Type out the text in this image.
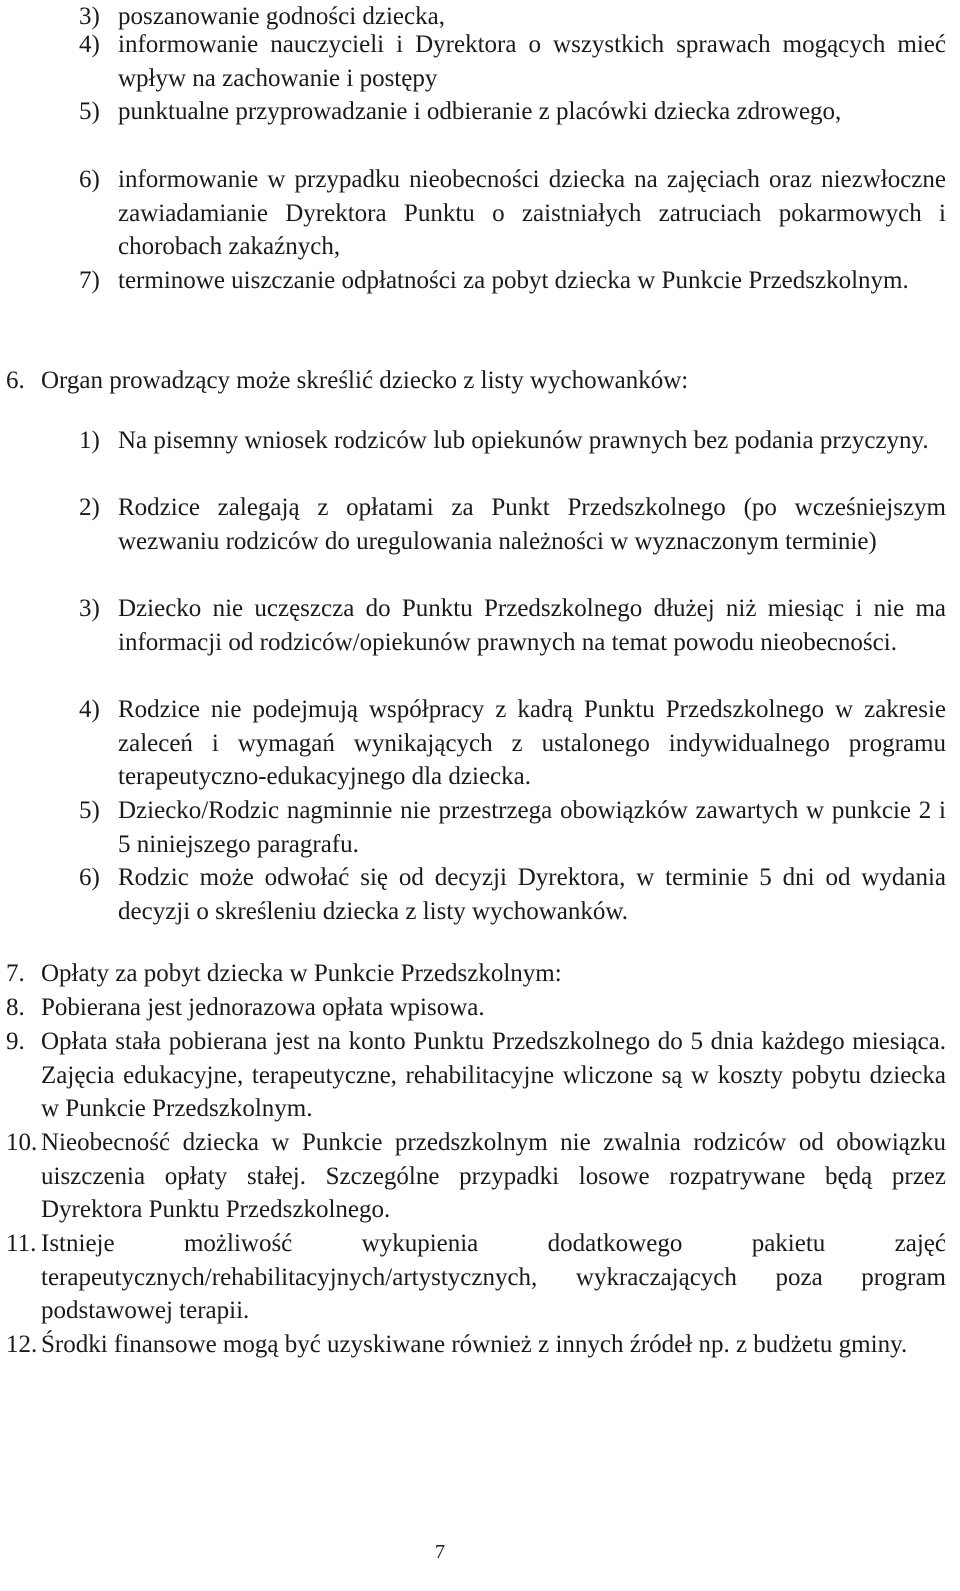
3) poszanowanie godności dziecka,
4) informowanie nauczycieli i Dyrektora o wszystkich sprawach mogących mieć wpływ na zachowanie i postępy
5) punktualne przyprowadzanie i odbieranie z placówki dziecka zdrowego,
6) informowanie w przypadku nieobecności dziecka na zajęciach oraz niezwłoczne zawiadamianie Dyrektora Punktu o zaistniałych zatruciach pokarmowych i chorobach zakaźnych,
7) terminowe uiszczanie odpłatności za pobyt dziecka w Punkcie Przedszkolnym.
6. Organ prowadzący może skreślić dziecko z listy wychowanków:
1) Na pisemny wniosek rodziców lub opiekunów prawnych bez podania przyczyny.
2) Rodzice zalegają z opłatami za Punkt Przedszkolnego (po wcześniejszym wezwaniu rodziców do uregulowania należności w wyznaczonym terminie)
3) Dziecko nie uczęszcza do Punktu Przedszkolnego dłużej niż miesiąc i nie ma informacji od rodziców/opiekunów prawnych na temat powodu nieobecności.
4) Rodzice nie podejmują współpracy z kadrą Punktu Przedszkolnego w zakresie zaleceń i wymagań wynikających z ustalonego indywidualnego programu terapeutyczno-edukacyjnego dla dziecka.
5) Dziecko/Rodzic nagminnie nie przestrzega obowiązków zawartych w punkcie 2 i 5 niniejszego paragrafu.
6) Rodzic może odwołać się od decyzji Dyrektora, w terminie 5 dni od wydania decyzji o skreśleniu dziecka z listy wychowanków.
7. Opłaty za pobyt dziecka w Punkcie Przedszkolnym:
8. Pobierana jest jednorazowa opłata wpisowa.
9. Opłata stała pobierana jest na konto Punktu Przedszkolnego do 5 dnia każdego miesiąca. Zajęcia edukacyjne, terapeutyczne, rehabilitacyjne wliczone są w koszty pobytu dziecka w Punkcie Przedszkolnym.
10. Nieobecność dziecka w Punkcie przedszkolnym nie zwalnia rodziców od obowiązku uiszczenia opłaty stałej. Szczególne przypadki losowe rozpatrywane będą przez Dyrektora Punktu Przedszkolnego.
11. Istnieje możliwość wykupienia dodatkowego pakietu zajęć terapeutycznych/rehabilitacyjnych/artystycznych, wykraczających poza program podstawowej terapii.
12. Środki finansowe mogą być uzyskiwane również z innych źródeł np. z budżetu gminy.
7
